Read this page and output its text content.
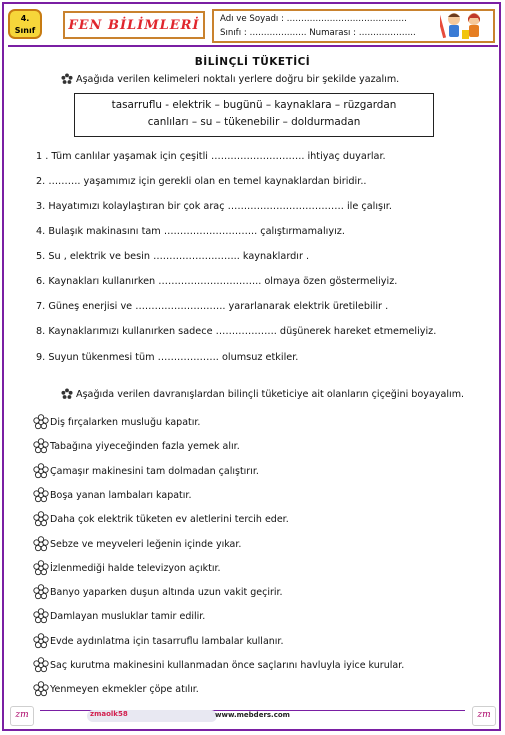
4.
Sınıf	FEN BİLİMLERİ	Adı ve Soyadı : ……………………………………
Sınıfı : ……………….. Numarası : ………………..
BİLİNÇLİ TÜKETİCİ
Aşağıda verilen kelimeleri noktalı yerlere doğru bir şekilde yazalım.
tasarruflu - elektrik – bugünü – kaynaklara – rüzgardan
canlıları – su – tükenebilir – doldurmadan
1 . Tüm canlılar yaşamak için çeşitli ……………………….. ihtiyaç duyarlar.
2. ………. yaşamımız için gerekli olan en temel kaynaklardan biridir..
3. Hayatımızı kolaylaştıran bir çok araç ……………………………… ile çalışır.
4. Bulaşık makinasını tam ……………………….. çalıştırmamalıyız.
5. Su , elektrik ve besin ……………….…….. kaynaklardır .
6. Kaynakları kullanırken ………………………….. olmaya özen göstermeliyiz.
7. Güneş enerjisi ve ………………………. yararlanarak elektrik üretilebilir .
8. Kaynaklarımızı kullanırken sadece ………………. düşünerek hareket etmemeliyiz.
9. Suyun tükenmesi tüm ………………. olumsuz etkiler.
Aşağıda verilen davranışlardan bilinçli tüketiciye ait olanların çiçeğini boyayalım.
Diş fırçalarken musluğu kapatır.
Tabağına yiyeceğinden fazla yemek alır.
Çamaşır makinesini tam dolmadan çalıştırır.
Boşa yanan lambaları kapatır.
Daha çok elektrik tüketen ev aletlerini tercih eder.
Sebze ve meyveleri leğenin içinde yıkar.
İzlenmediği halde televizyon açıktır.
Banyo yaparken duşun altında uzun vakit geçirir.
Damlayan musluklar tamir edilir.
Evde aydınlatma için tasarruflu lambalar kullanır.
Saç kurutma makinesini kullanmadan önce saçlarını havluyla iyice kurular.
Yenmeyen ekmekler çöpe atılır.
zm	zmaolk58	www.mebders.com	zm
